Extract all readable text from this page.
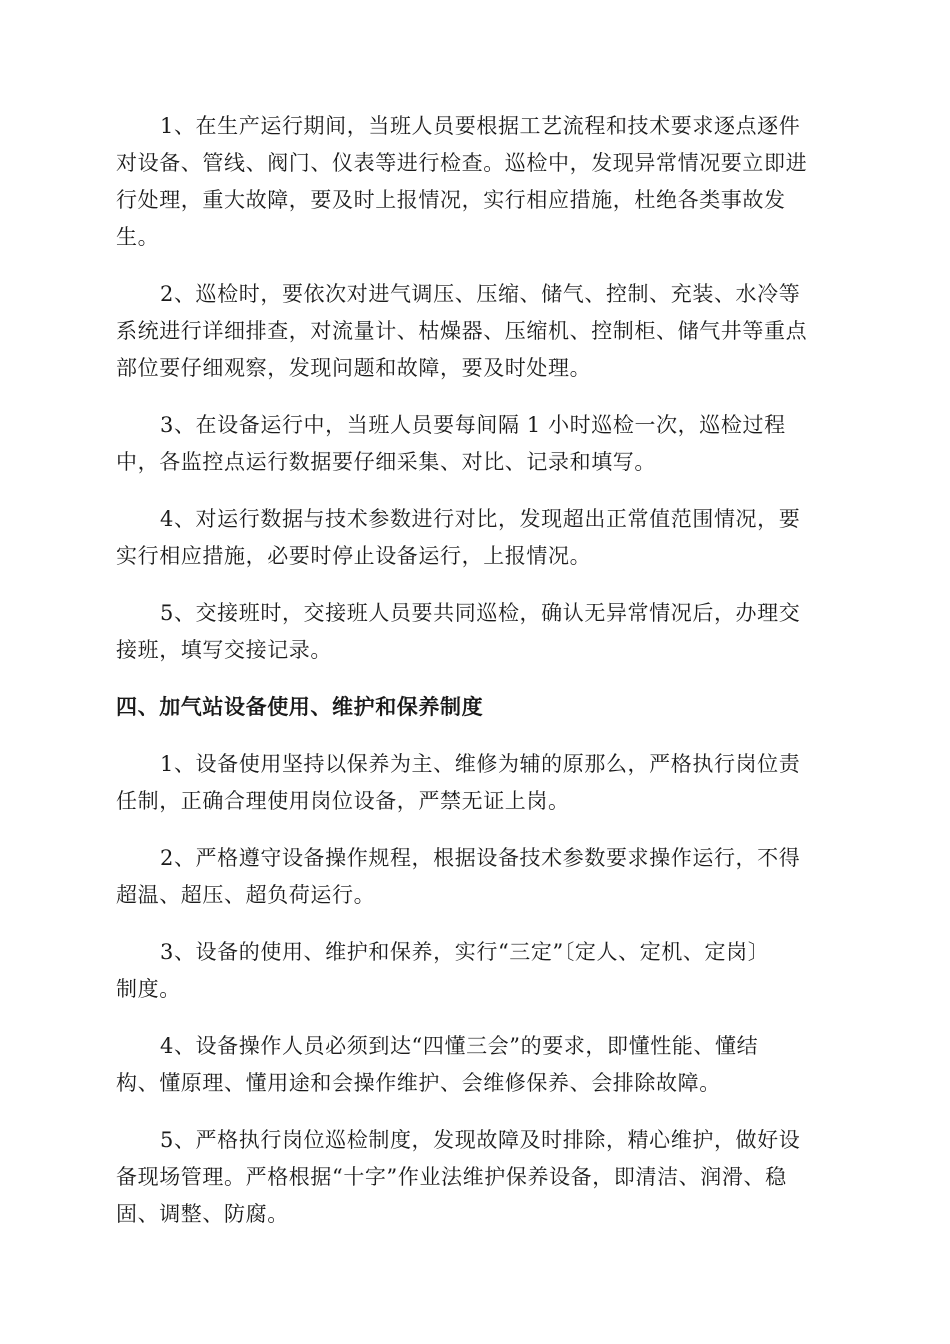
1、在生产运行期间，当班人员要根据工艺流程和技术要求逐点逐件
对设备、管线、阀门、仪表等进行检查。巡检中，发现异常情况要立即进
行处理，重大故障，要及时上报情况，实行相应措施，杜绝各类事故发
生。

2、巡检时，要依次对进气调压、压缩、储气、控制、充装、水冷等
系统进行详细排查，对流量计、枯燥器、压缩机、控制柜、储气井等重点
部位要仔细观察，发现问题和故障，要及时处理。

3、在设备运行中，当班人员要每间隔 1 小时巡检一次，巡检过程
中，各监控点运行数据要仔细采集、对比、记录和填写。

4、对运行数据与技术参数进行对比，发现超出正常值范围情况，要
实行相应措施，必要时停止设备运行，上报情况。

5、交接班时，交接班人员要共同巡检，确认无异常情况后，办理交
接班，填写交接记录。

四、加气站设备使用、维护和保养制度

1、设备使用坚持以保养为主、维修为辅的原那么，严格执行岗位责
任制，正确合理使用岗位设备，严禁无证上岗。

2、严格遵守设备操作规程，根据设备技术参数要求操作运行，不得
超温、超压、超负荷运行。

3、设备的使用、维护和保养，实行“三定”〔定人、定机、定岗〕
制度。

4、设备操作人员必须到达“四懂三会”的要求，即懂性能、懂结
构、懂原理、懂用途和会操作维护、会维修保养、会排除故障。

5、严格执行岗位巡检制度，发现故障及时排除，精心维护，做好设
备现场管理。严格根据“十字”作业法维护保养设备，即清洁、润滑、稳
固、调整、防腐。
